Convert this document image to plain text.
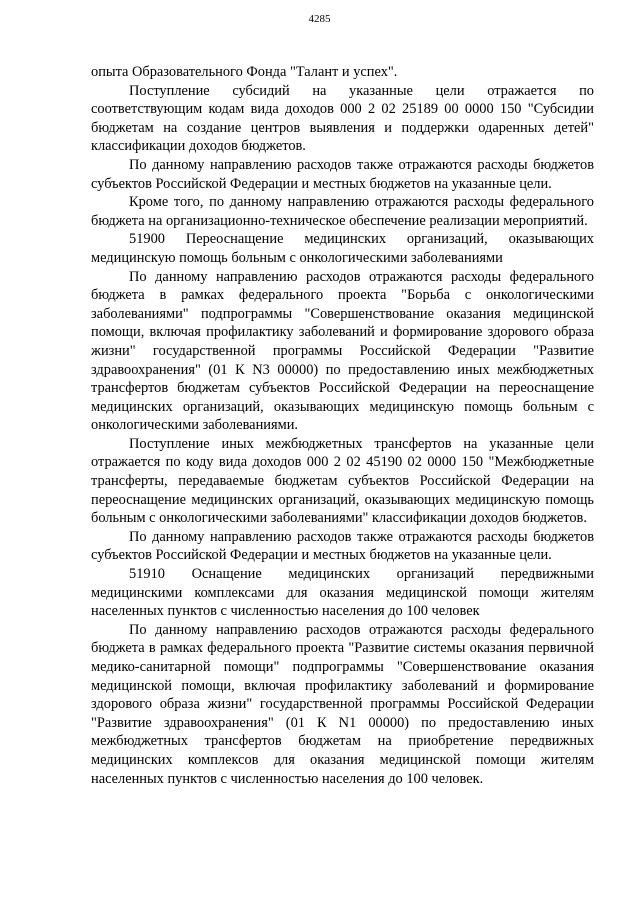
4285

опыта Образовательного Фонда "Талант и успех".

Поступление субсидий на указанные цели отражается по соответствующим кодам вида доходов 000 2 02 25189 00 0000 150 "Субсидии бюджетам на создание центров выявления и поддержки одаренных детей" классификации доходов бюджетов.

По данному направлению расходов также отражаются расходы бюджетов субъектов Российской Федерации и местных бюджетов на указанные цели.

Кроме того, по данному направлению отражаются расходы федерального бюджета на организационно-техническое обеспечение реализации мероприятий.

51900 Переоснащение медицинских организаций, оказывающих медицинскую помощь больным с онкологическими заболеваниями

По данному направлению расходов отражаются расходы федерального бюджета в рамках федерального проекта "Борьба с онкологическими заболеваниями" подпрограммы "Совершенствование оказания медицинской помощи, включая профилактику заболеваний и формирование здорового образа жизни" государственной программы Российской Федерации "Развитие здравоохранения" (01 К N3 00000) по предоставлению иных межбюджетных трансфертов бюджетам субъектов Российской Федерации на переоснащение медицинских организаций, оказывающих медицинскую помощь больным с онкологическими заболеваниями.

Поступление иных межбюджетных трансфертов на указанные цели отражается по коду вида доходов 000 2 02 45190 02 0000 150 "Межбюджетные трансферты, передаваемые бюджетам субъектов Российской Федерации на переоснащение медицинских организаций, оказывающих медицинскую помощь больным с онкологическими заболеваниями" классификации доходов бюджетов.

По данному направлению расходов также отражаются расходы бюджетов субъектов Российской Федерации и местных бюджетов на указанные цели.

51910 Оснащение медицинских организаций передвижными медицинскими комплексами для оказания медицинской помощи жителям населенных пунктов с численностью населения до 100 человек

По данному направлению расходов отражаются расходы федерального бюджета в рамках федерального проекта "Развитие системы оказания первичной медико-санитарной помощи" подпрограммы "Совершенствование оказания медицинской помощи, включая профилактику заболеваний и формирование здорового образа жизни" государственной программы Российской Федерации "Развитие здравоохранения" (01 К N1 00000) по предоставлению иных межбюджетных трансфертов бюджетам на приобретение передвижных медицинских комплексов для оказания медицинской помощи жителям населенных пунктов с численностью населения до 100 человек.
